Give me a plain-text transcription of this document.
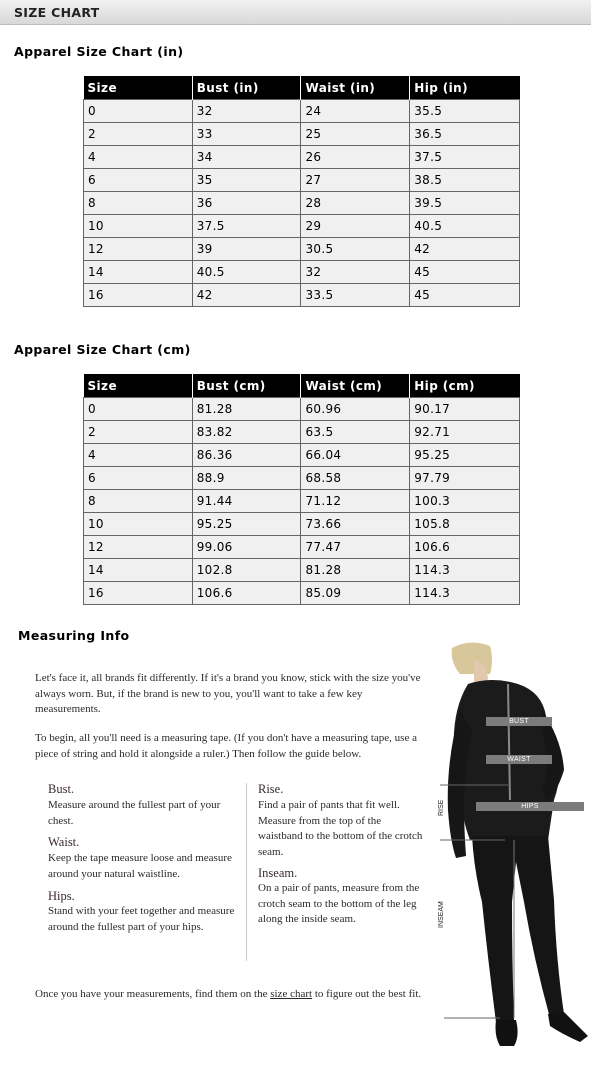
SIZE CHART
Apparel Size Chart (in)
Size	Bust (in)	Waist (in)	Hip (in)
0	32	24	35.5
2	33	25	36.5
4	34	26	37.5
6	35	27	38.5
8	36	28	39.5
10	37.5	29	40.5
12	39	30.5	42
14	40.5	32	45
16	42	33.5	45
Apparel Size Chart (cm)
Size	Bust (cm)	Waist (cm)	Hip (cm)
0	81.28	60.96	90.17
2	83.82	63.5	92.71
4	86.36	66.04	95.25
6	88.9	68.58	97.79
8	91.44	71.12	100.3
10	95.25	73.66	105.8
12	99.06	77.47	106.6
14	102.8	81.28	114.3
16	106.6	85.09	114.3
Measuring Info
Let's face it, all brands fit differently. If it's a brand you know, stick with the size you've always worn. But, if the brand is new to you, you'll want to take a few key measurements.
To begin, all you'll need is a measuring tape. (If you don't have a measuring tape, use a piece of string and hold it alongside a ruler.) Then follow the guide below.
Bust.
Measure around the fullest part of your chest.
Waist.
Keep the tape measure loose and measure around your natural waistline.
Hips.
Stand with your feet together and measure around the fullest part of your hips.
Rise.
Find a pair of pants that fit well. Measure from the top of the waistband to the bottom of the crotch seam.
Inseam.
On a pair of pants, measure from the crotch seam to the bottom of the leg along the inside seam.
Once you have your measurements, find them on the size chart to figure out the best fit.
BUST
WAIST
HIPS
RISE
INSEAM
